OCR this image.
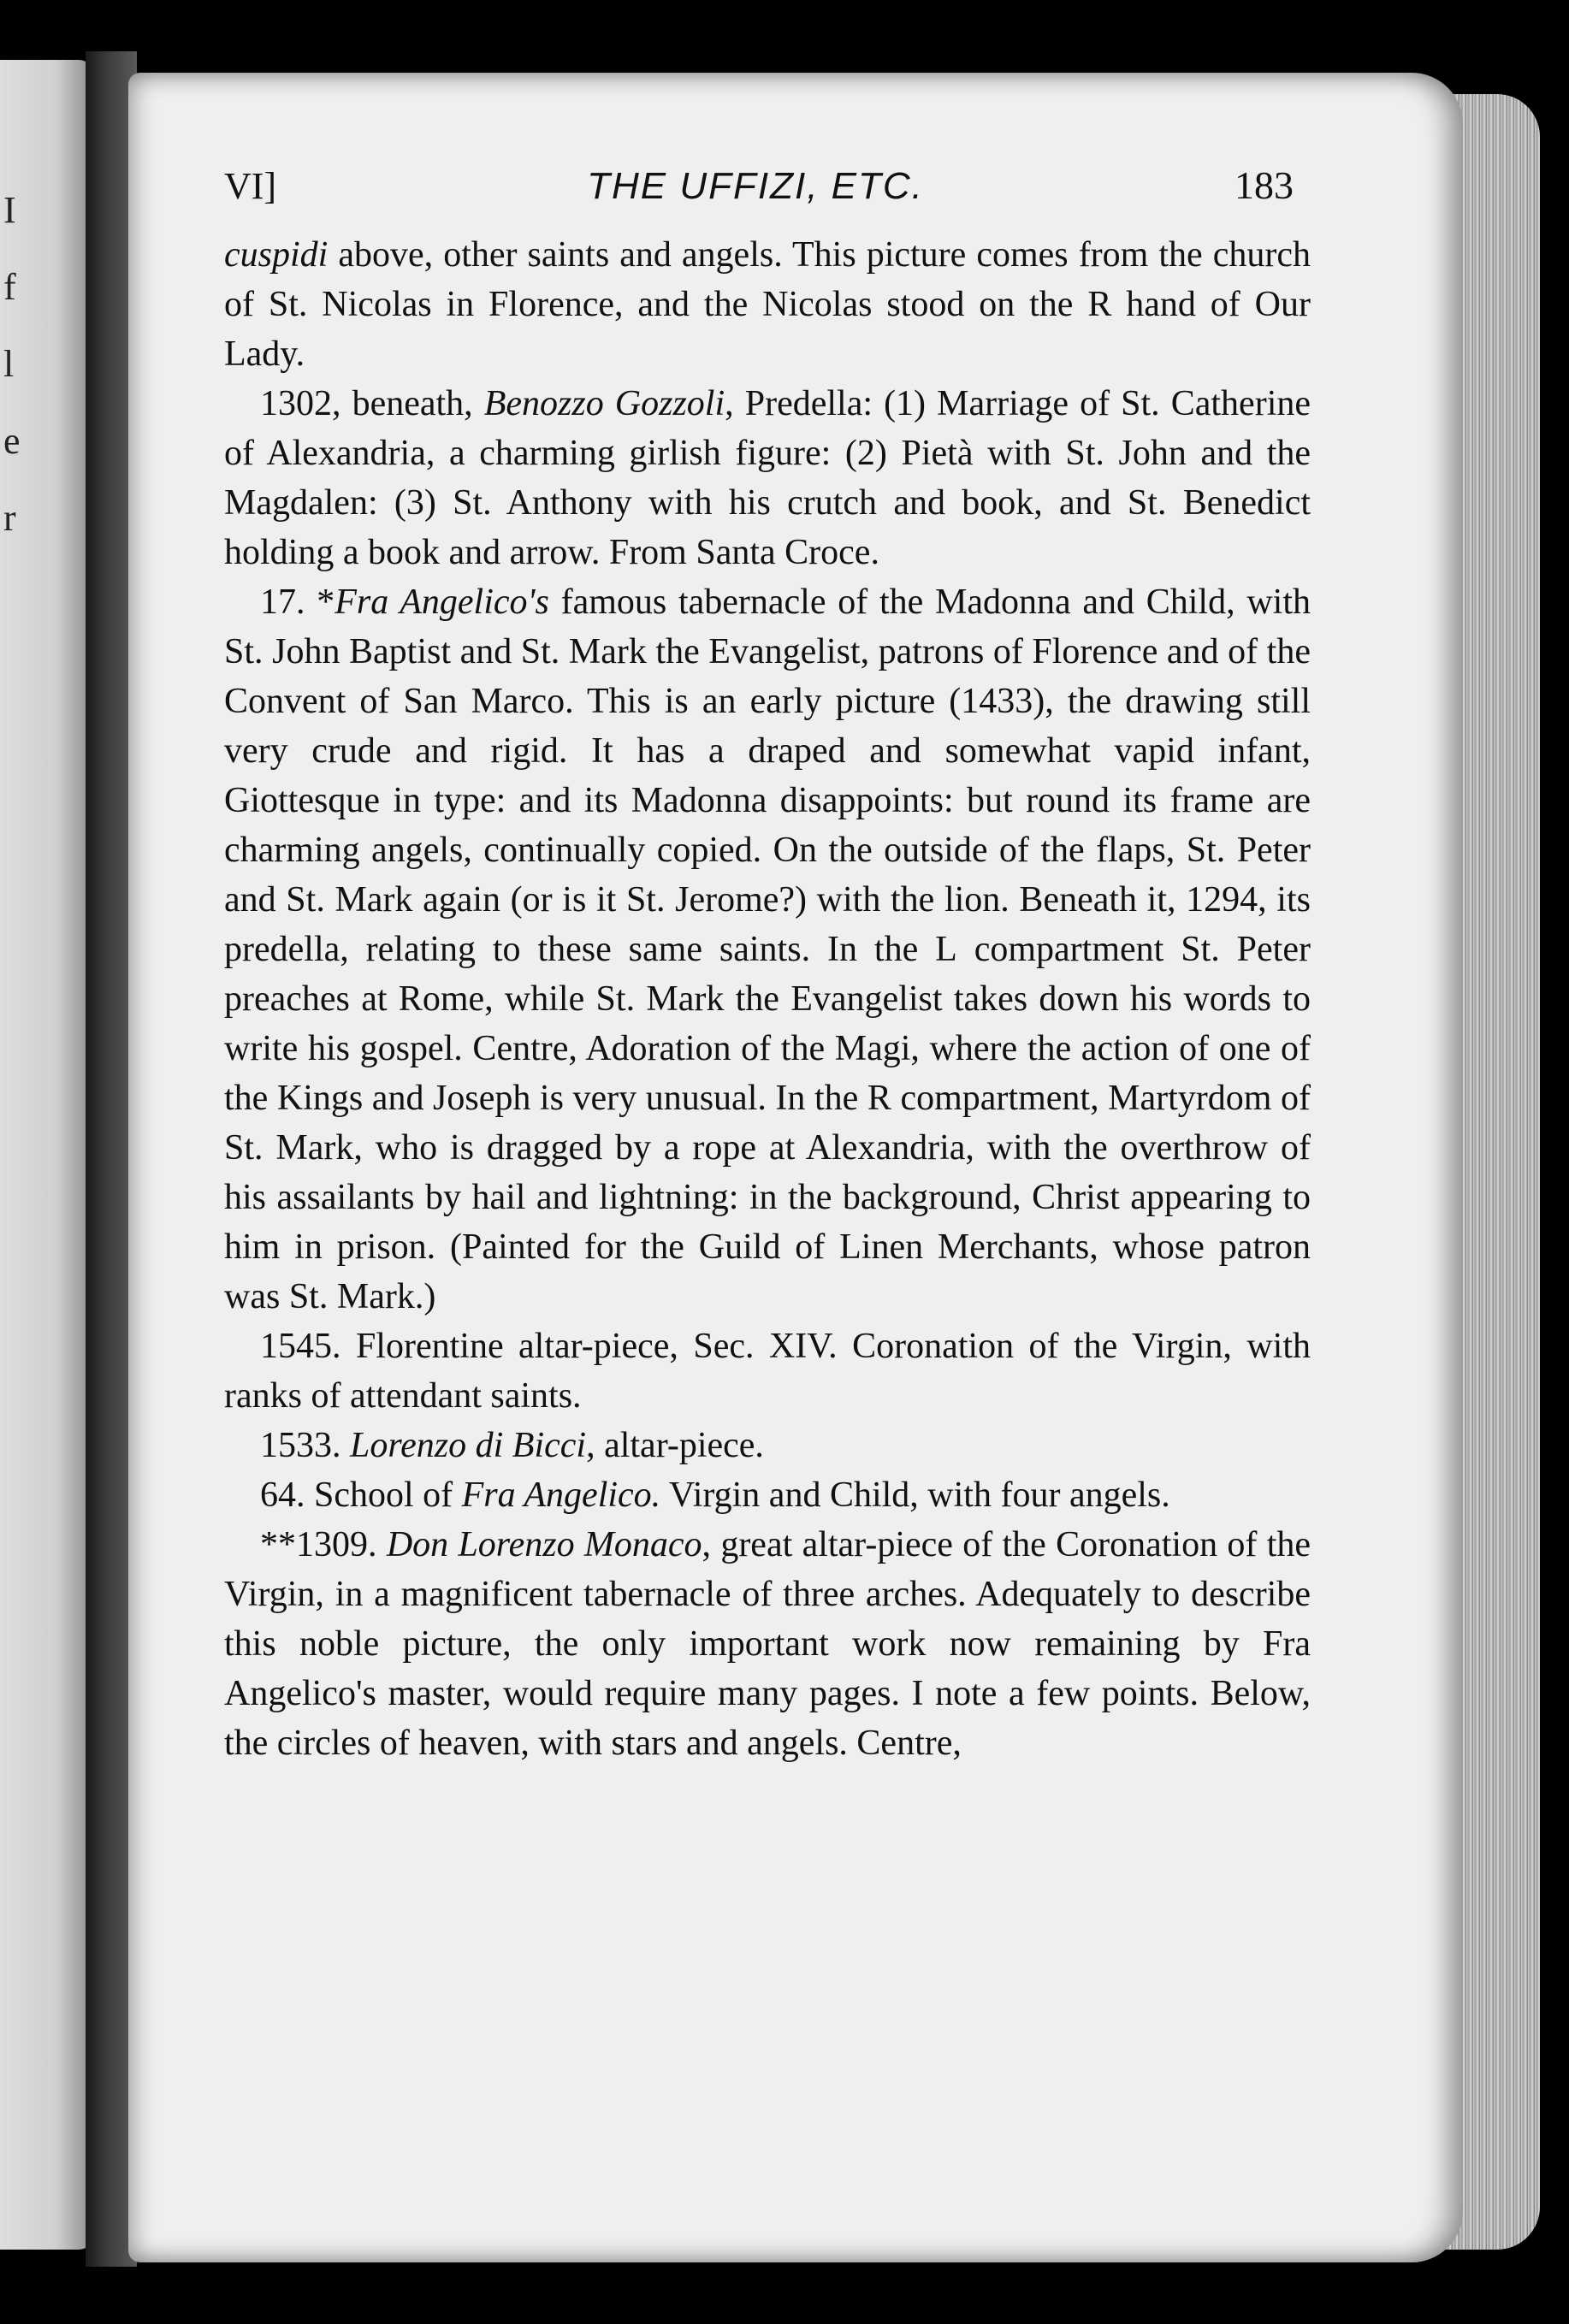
I
f
l
e
r
VI]	THE UFFIZI, ETC.	183

cuspidi above, other saints and angels. This picture comes from the church of St. Nicolas in Florence, and the Nicolas stood on the R hand of Our Lady.

1302, beneath, Benozzo Gozzoli, Predella: (1) Marriage of St. Catherine of Alexandria, a charming girlish figure: (2) Pietà with St. John and the Magdalen: (3) St. Anthony with his crutch and book, and St. Benedict holding a book and arrow. From Santa Croce.

17. *Fra Angelico's famous tabernacle of the Madonna and Child, with St. John Baptist and St. Mark the Evangelist, patrons of Florence and of the Convent of San Marco. This is an early picture (1433), the drawing still very crude and rigid. It has a draped and somewhat vapid infant, Giottesque in type: and its Madonna disappoints: but round its frame are charming angels, continually copied. On the outside of the flaps, St. Peter and St. Mark again (or is it St. Jerome?) with the lion. Beneath it, 1294, its predella, relating to these same saints. In the L compartment St. Peter preaches at Rome, while St. Mark the Evangelist takes down his words to write his gospel. Centre, Adoration of the Magi, where the action of one of the Kings and Joseph is very unusual. In the R compartment, Martyrdom of St. Mark, who is dragged by a rope at Alexandria, with the overthrow of his assailants by hail and lightning: in the background, Christ appearing to him in prison. (Painted for the Guild of Linen Merchants, whose patron was St. Mark.)

1545. Florentine altar-piece, Sec. XIV. Coronation of the Virgin, with ranks of attendant saints.

1533. Lorenzo di Bicci, altar-piece.

64. School of Fra Angelico. Virgin and Child, with four angels.

**1309. Don Lorenzo Monaco, great altar-piece of the Coronation of the Virgin, in a magnificent tabernacle of three arches. Adequately to describe this noble picture, the only important work now remaining by Fra Angelico's master, would require many pages. I note a few points. Below, the circles of heaven, with stars and angels. Centre,
